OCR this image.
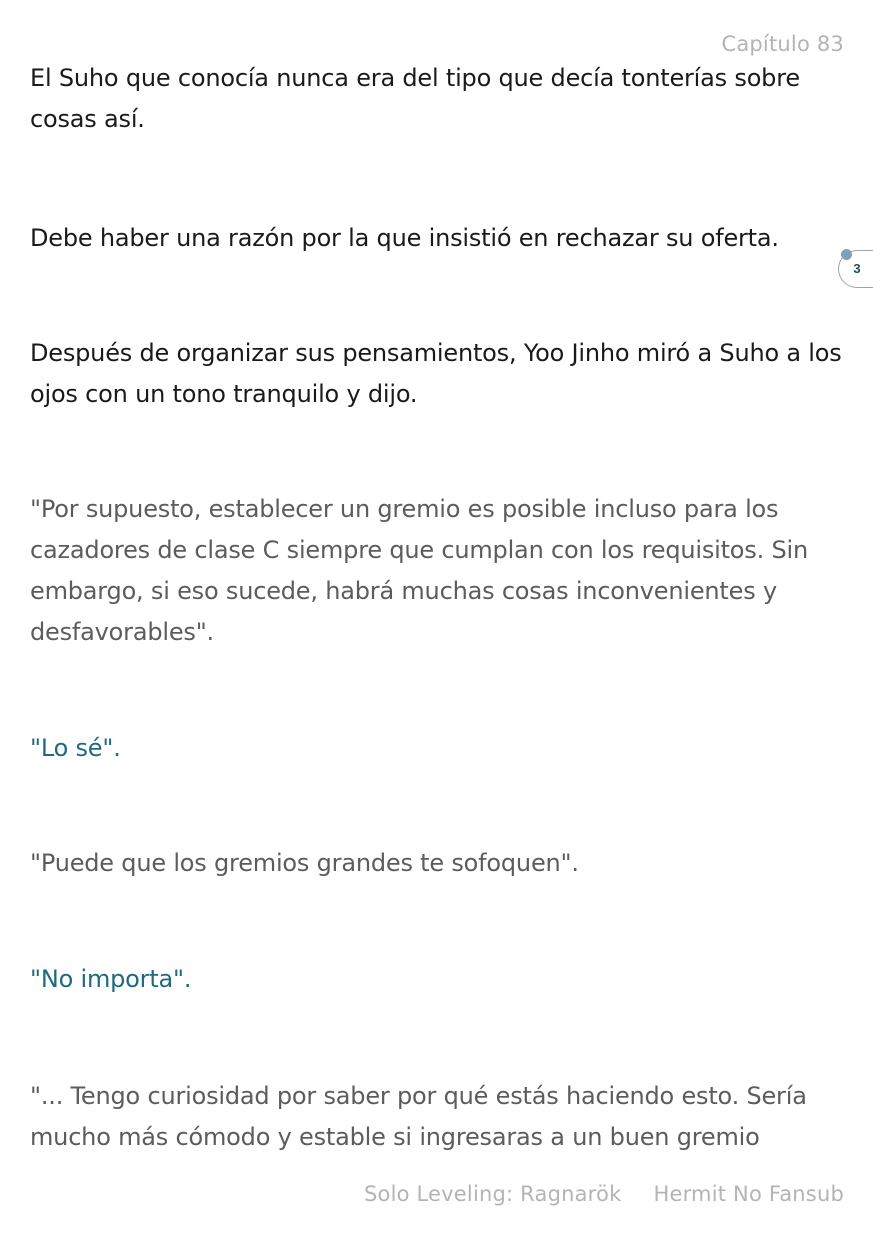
Capítulo 83

El Suho que conocía nunca era del tipo que decía tonterías sobre cosas así.

Debe haber una razón por la que insistió en rechazar su oferta.

Después de organizar sus pensamientos, Yoo Jinho miró a Suho a los ojos con un tono tranquilo y dijo.

"Por supuesto, establecer un gremio es posible incluso para los cazadores de clase C siempre que cumplan con los requisitos. Sin embargo, si eso sucede, habrá muchas cosas inconvenientes y desfavorables".

"Lo sé".

"Puede que los gremios grandes te sofoquen".

"No importa".

"... Tengo curiosidad por saber por qué estás haciendo esto. Sería mucho más cómodo y estable si ingresaras a un buen gremio

3
Solo Leveling: Ragnarök Hermit No Fansub
